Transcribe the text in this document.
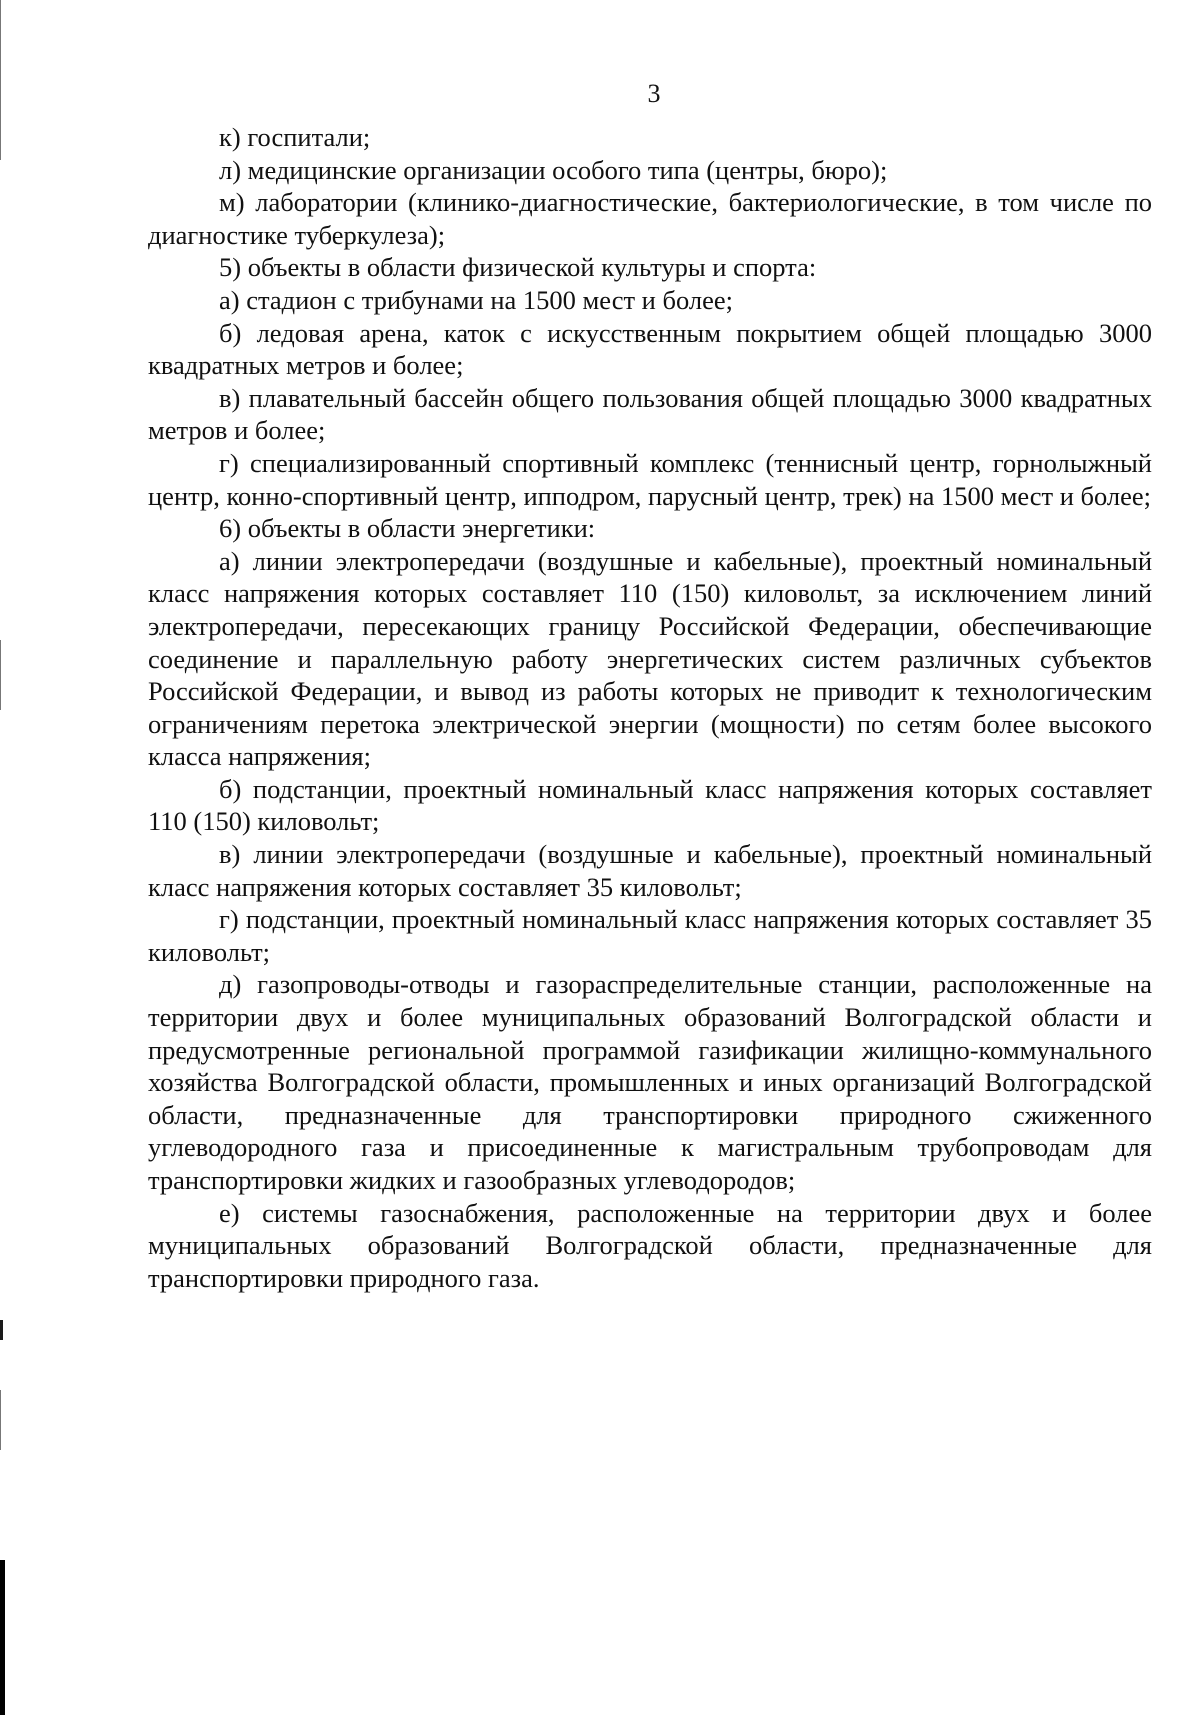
3

к) госпитали;

л) медицинские организации особого типа (центры, бюро);

м) лаборатории (клинико-диагностические, бактериологические, в том числе по диагностике туберкулеза);

5) объекты в области физической культуры и спорта:

а) стадион с трибунами на 1500 мест и более;

б) ледовая арена, каток с искусственным покрытием общей площадью 3000 квадратных метров и более;

в) плавательный бассейн общего пользования общей площадью 3000 квадратных метров и более;

г) специализированный спортивный комплекс (теннисный центр, горнолыжный центр, конно-спортивный центр, ипподром, парусный центр, трек) на 1500 мест и более;

6) объекты в области энергетики:

а) линии электропередачи (воздушные и кабельные), проектный номинальный класс напряжения которых составляет 110 (150) киловольт, за исключением линий электропередачи, пересекающих границу Российской Федерации, обеспечивающие соединение и параллельную работу энергетических систем различных субъектов Российской Федерации, и вывод из работы которых не приводит к технологическим ограничениям перетока электрической энергии (мощности) по сетям более высокого класса напряжения;

б) подстанции, проектный номинальный класс напряжения которых составляет 110 (150) киловольт;

в) линии электропередачи (воздушные и кабельные), проектный номинальный класс напряжения которых составляет 35 киловольт;

г) подстанции, проектный номинальный класс напряжения которых составляет 35 киловольт;

д) газопроводы-отводы и газораспределительные станции, расположенные на территории двух и более муниципальных образований Волгоградской области и предусмотренные региональной программой газификации жилищно-коммунального хозяйства Волгоградской области, промышленных и иных организаций Волгоградской области, предназначенные для транспортировки природного сжиженного углеводородного газа и присоединенные к магистральным трубопроводам для транспортировки жидких и газообразных углеводородов;

е) системы газоснабжения, расположенные на территории двух и более муниципальных образований Волгоградской области, предназначенные для транспортировки природного газа.
